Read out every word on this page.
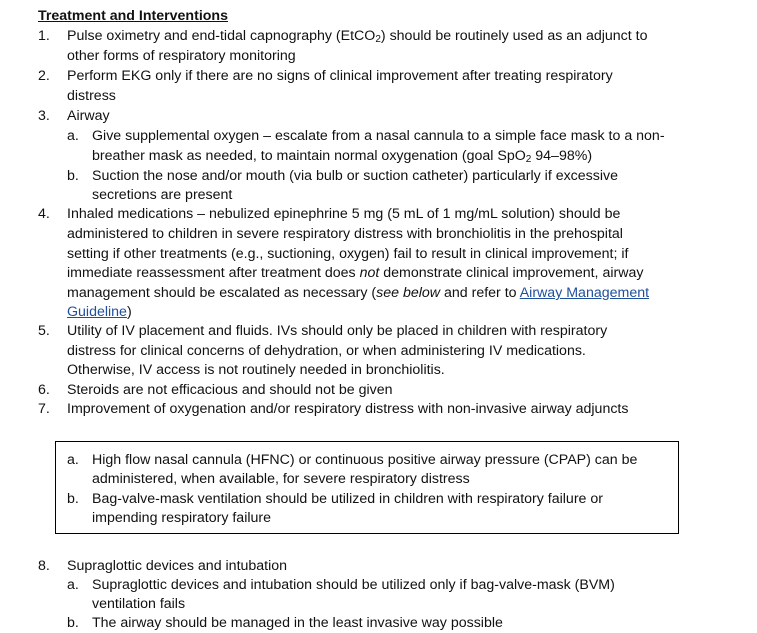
Treatment and Interventions
1. Pulse oximetry and end-tidal capnography (EtCO$_2$) should be routinely used as an adjunct to
other forms of respiratory monitoring
2. Perform EKG only if there are no signs of clinical improvement after treating respiratory
distress
3. Airway
a. Give supplemental oxygen – escalate from a nasal cannula to a simple face mask to a non-
breather mask as needed, to maintain normal oxygenation (goal SpO$_2$ 94–98%)
b. Suction the nose and/or mouth (via bulb or suction catheter) particularly if excessive
secretions are present
4. Inhaled medications – nebulized epinephrine 5 mg (5 mL of 1 mg/mL solution) should be
administered to children in severe respiratory distress with bronchiolitis in the prehospital
setting if other treatments (e.g., suctioning, oxygen) fail to result in clinical improvement; if
immediate reassessment after treatment does not demonstrate clinical improvement, airway
management should be escalated as necessary (see below and refer to Airway Management
Guideline)
5. Utility of IV placement and fluids. IVs should only be placed in children with respiratory
distress for clinical concerns of dehydration, or when administering IV medications.
Otherwise, IV access is not routinely needed in bronchiolitis.
6. Steroids are not efficacious and should not be given
7. Improvement of oxygenation and/or respiratory distress with non-invasive airway adjuncts
a. High flow nasal cannula (HFNC) or continuous positive airway pressure (CPAP) can be
administered, when available, for severe respiratory distress
b. Bag-valve-mask ventilation should be utilized in children with respiratory failure or
impending respiratory failure
8. Supraglottic devices and intubation
a. Supraglottic devices and intubation should be utilized only if bag-valve-mask (BVM)
ventilation fails
b. The airway should be managed in the least invasive way possible
